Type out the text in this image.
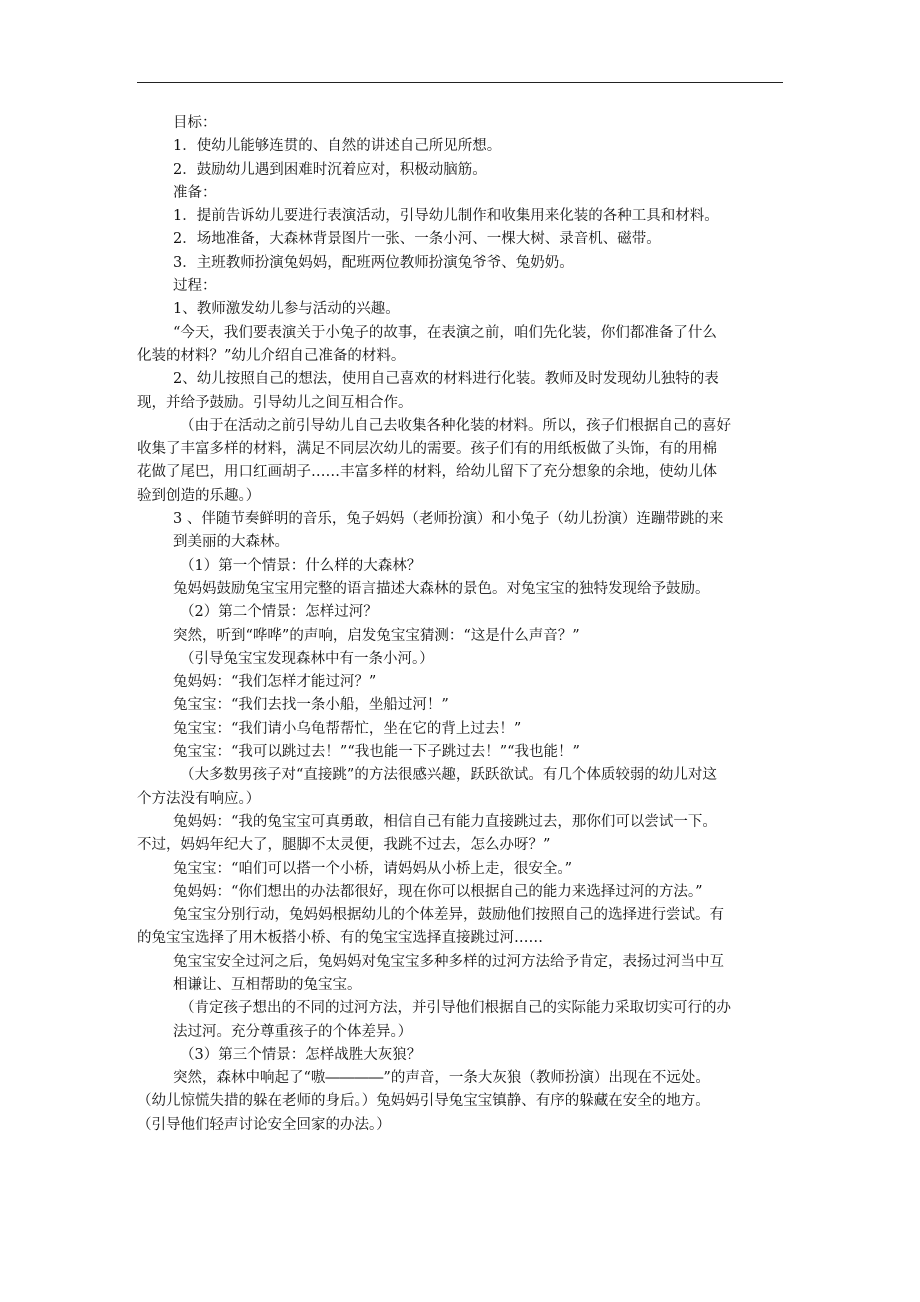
目标：
1．使幼儿能够连贯的、自然的讲述自己所见所想。
2．鼓励幼儿遇到困难时沉着应对，积极动脑筋。
准备：
1．提前告诉幼儿要进行表演活动，引导幼儿制作和收集用来化装的各种工具和材料。
2．场地准备，大森林背景图片一张、一条小河、一棵大树、录音机、磁带。
3．主班教师扮演兔妈妈，配班两位教师扮演兔爷爷、兔奶奶。
过程：
1、教师激发幼儿参与活动的兴趣。
“今天，我们要表演关于小兔子的故事，在表演之前，咱们先化装，你们都准备了什么
化装的材料？”幼儿介绍自己准备的材料。
2、幼儿按照自己的想法，使用自己喜欢的材料进行化装。教师及时发现幼儿独特的表
现，并给予鼓励。引导幼儿之间互相合作。
（由于在活动之前引导幼儿自己去收集各种化装的材料。所以，孩子们根据自己的喜好
收集了丰富多样的材料，满足不同层次幼儿的需要。孩子们有的用纸板做了头饰，有的用棉
花做了尾巴，用口红画胡子……丰富多样的材料，给幼儿留下了充分想象的余地，使幼儿体
验到创造的乐趣。）
3 、伴随节奏鲜明的音乐，兔子妈妈（老师扮演）和小兔子（幼儿扮演）连蹦带跳的来
到美丽的大森林。
（1）第一个情景：什么样的大森林？
兔妈妈鼓励兔宝宝用完整的语言描述大森林的景色。对兔宝宝的独特发现给予鼓励。
（2）第二个情景：怎样过河？
突然，听到“哗哗”的声响，启发兔宝宝猜测：“这是什么声音？”
（引导兔宝宝发现森林中有一条小河。）
兔妈妈：“我们怎样才能过河？”
兔宝宝：“我们去找一条小船，坐船过河！”
兔宝宝：“我们请小乌龟帮帮忙，坐在它的背上过去！”
兔宝宝：“我可以跳过去！”“我也能一下子跳过去！”“我也能！”
（大多数男孩子对“直接跳”的方法很感兴趣，跃跃欲试。有几个体质较弱的幼儿对这
个方法没有响应。）
兔妈妈：“我的兔宝宝可真勇敢，相信自己有能力直接跳过去，那你们可以尝试一下。
不过，妈妈年纪大了，腿脚不太灵便，我跳不过去，怎么办呀？”
兔宝宝：“咱们可以搭一个小桥，请妈妈从小桥上走，很安全。”
兔妈妈：“你们想出的办法都很好，现在你可以根据自己的能力来选择过河的方法。”
兔宝宝分别行动，兔妈妈根据幼儿的个体差异，鼓励他们按照自己的选择进行尝试。有
的兔宝宝选择了用木板搭小桥、有的兔宝宝选择直接跳过河……
兔宝宝安全过河之后，兔妈妈对兔宝宝多种多样的过河方法给予肯定，表扬过河当中互
相谦让、互相帮助的兔宝宝。
（肯定孩子想出的不同的过河方法，并引导他们根据自己的实际能力采取切实可行的办
法过河。充分尊重孩子的个体差异。）
（3）第三个情景：怎样战胜大灰狼？
突然，森林中响起了“嗷――――”的声音，一条大灰狼（教师扮演）出现在不远处。
（幼儿惊慌失措的躲在老师的身后。）兔妈妈引导兔宝宝镇静、有序的躲藏在安全的地方。
（引导他们轻声讨论安全回家的办法。）
